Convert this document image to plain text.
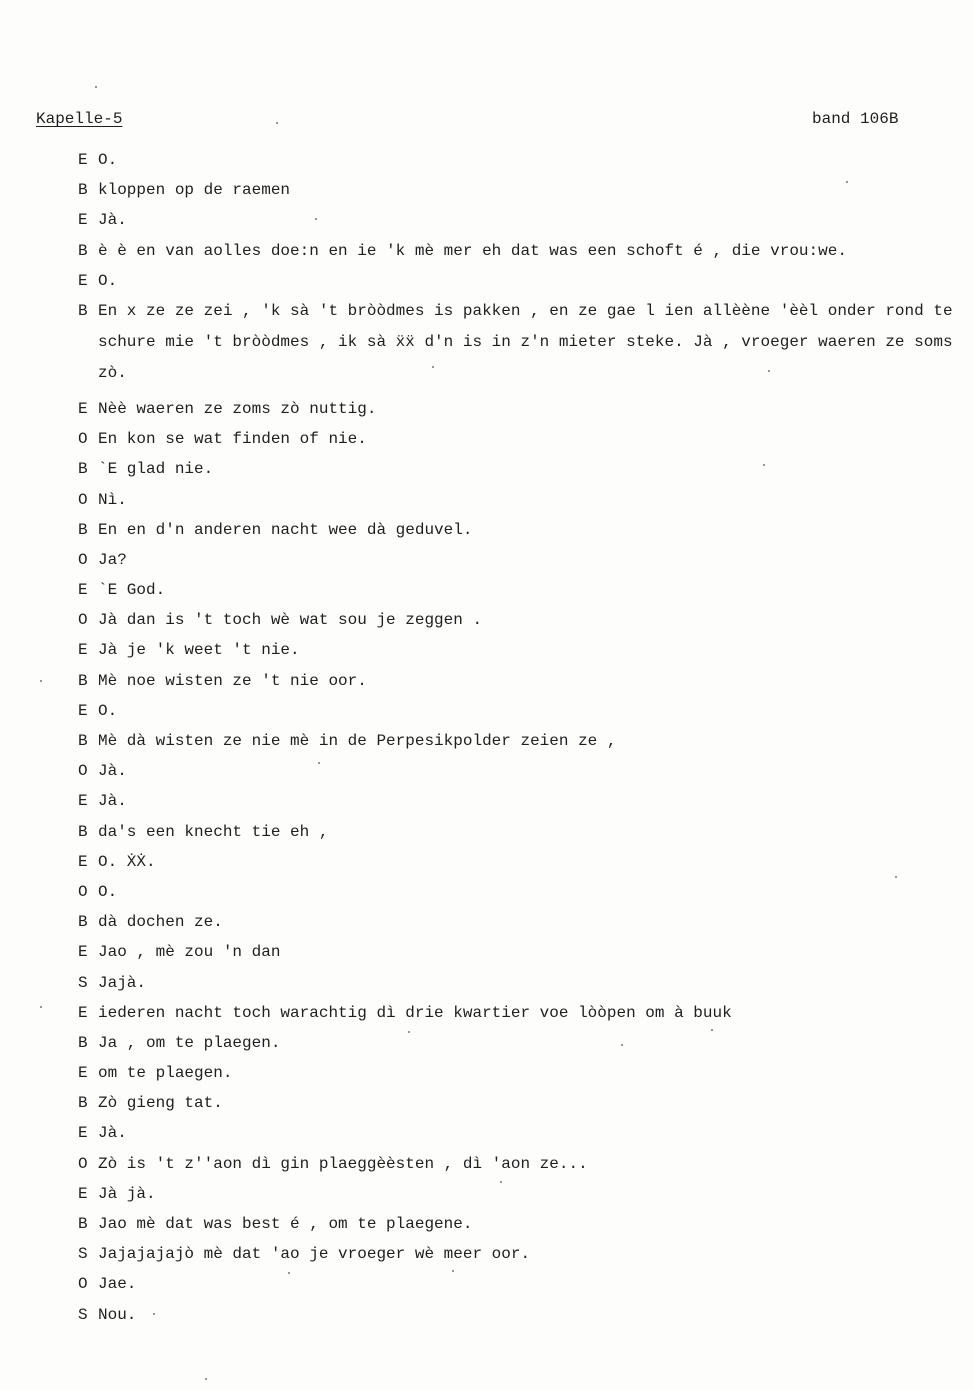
Kapelle-5	band 106B
E O.
B kloppen op de raemen
E Jà.
B è è en van aolles doe:n en ie 'k mè mer eh dat was een schoft é , die vrou:we.
E O.
B En x ze ze zei , 'k sà 't bròòdmes is pakken , en ze gae l ien allèène 'èèl onder rond te schure mie 't bròòdmes , ik sà ẍẍ d'n is in z'n mieter steke. Jà , vroeger waeren ze soms zò.
E Nèè waeren ze zoms zò nuttig.
O En kon se wat finden of nie.
B `E glad nie.
O Nì.
B En en d'n anderen nacht wee dà geduvel.
O Ja?
E `E God.
O Jà dan is 't toch wè wat sou je zeggen .
E Jà je 'k weet 't nie.
B Mè noe wisten ze 't nie oor.
E O.
B Mè dà wisten ze nie mè in de Perpesikpolder zeien ze ,
O Jà.
E Jà.
B da's een knecht tie eh ,
E O. ẊẊ.
O O.
B dà dochen ze.
E Jao , mè zou 'n dan
S Jajà.
E iederen nacht toch warachtig dì drie kwartier voe lòòpen om à buuk
B Ja , om te plaegen.
E om te plaegen.
B Zò gieng tat.
E Jà.
O Zò is 't z''aon dì gin plaeggèèsten , dì 'aon ze...
E Jà jà.
B Jao mè dat was best é , om te plaegene.
S Jajajajajò mè dat 'ao je vroeger wè meer oor.
O Jae.
S Nou.
